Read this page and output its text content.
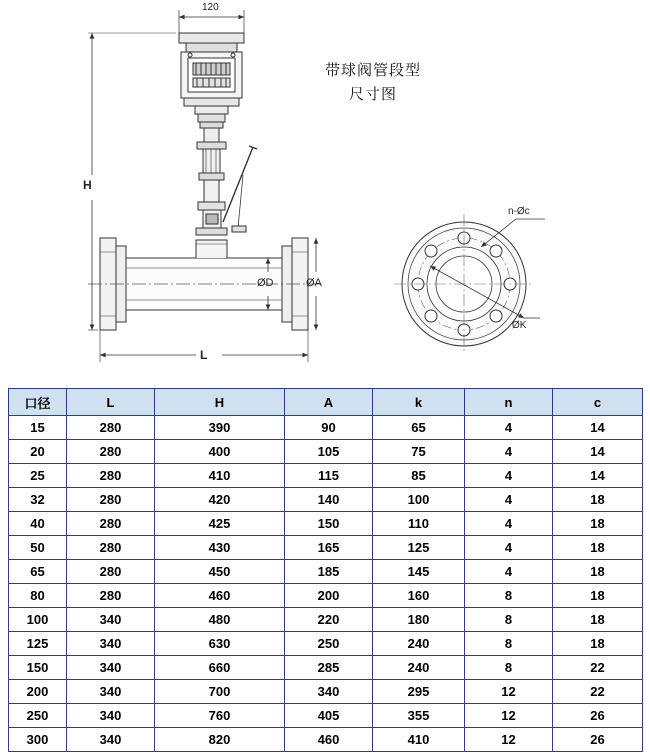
120
H
L
ØD	ØA
n-Øc
ØK
带球阀管段型
尺寸图
口径	L	H	A	k	n	c
15	280	390	90	65	4	14
20	280	400	105	75	4	14
25	280	410	115	85	4	14
32	280	420	140	100	4	18
40	280	425	150	110	4	18
50	280	430	165	125	4	18
65	280	450	185	145	4	18
80	280	460	200	160	8	18
100	340	480	220	180	8	18
125	340	630	250	240	8	18
150	340	660	285	240	8	22
200	340	700	340	295	12	22
250	340	760	405	355	12	26
300	340	820	460	410	12	26
